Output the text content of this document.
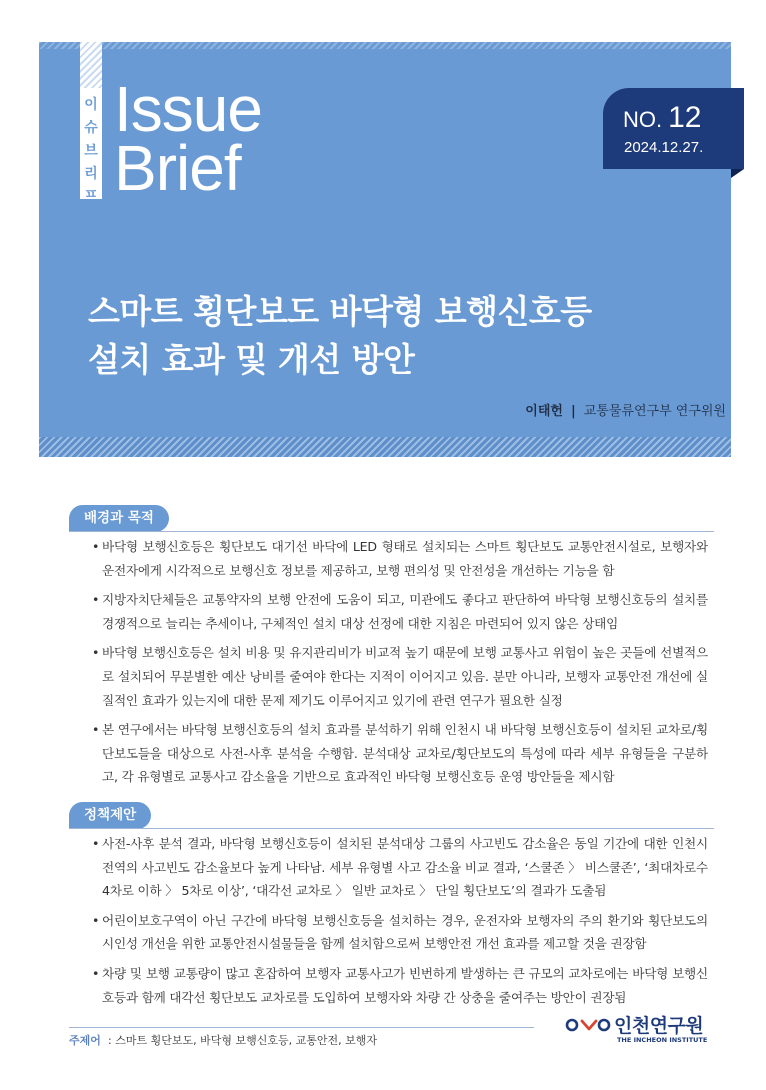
이
슈
브
리
프
Issue
Brief
NO. 12
2024.12.27.
스마트 횡단보도 바닥형 보행신호등
설치 효과 및 개선 방안
이태헌 | 교통물류연구부 연구위원
배경과 목적
• 바닥형 보행신호등은 횡단보도 대기선 바닥에 LED 형태로 설치되는 스마트 횡단보도 교통안전시설로, 보행자와 운전자에게 시각적으로 보행신호 정보를 제공하고, 보행 편의성 및 안전성을 개선하는 기능을 함
• 지방자치단체들은 교통약자의 보행 안전에 도움이 되고, 미관에도 좋다고 판단하여 바닥형 보행신호등의 설치를 경쟁적으로 늘리는 추세이나, 구체적인 설치 대상 선정에 대한 지침은 마련되어 있지 않은 상태임
• 바닥형 보행신호등은 설치 비용 및 유지관리비가 비교적 높기 때문에 보행 교통사고 위험이 높은 곳들에 선별적으로 설치되어 무분별한 예산 낭비를 줄여야 한다는 지적이 이어지고 있음. 분만 아니라, 보행자 교통안전 개선에 실질적인 효과가 있는지에 대한 문제 제기도 이루어지고 있기에 관련 연구가 필요한 실정
• 본 연구에서는 바닥형 보행신호등의 설치 효과를 분석하기 위해 인천시 내 바닥형 보행신호등이 설치된 교차로/횡단보도들을 대상으로 사전-사후 분석을 수행함. 분석대상 교차로/횡단보도의 특성에 따라 세부 유형들을 구분하고, 각 유형별로 교통사고 감소율을 기반으로 효과적인 바닥형 보행신호등 운영 방안들을 제시함
정책제안
• 사전-사후 분석 결과, 바닥형 보행신호등이 설치된 분석대상 그룹의 사고빈도 감소율은 동일 기간에 대한 인천시 전역의 사고빈도 감소율보다 높게 나타남. 세부 유형별 사고 감소율 비교 결과, ‘스쿨존 〉 비스쿨존’, ‘최대차로수 4차로 이하 〉 5차로 이상’, ‘대각선 교차로 〉 일반 교차로 〉 단일 횡단보도’의 결과가 도출됨
• 어린이보호구역이 아닌 구간에 바닥형 보행신호등을 설치하는 경우, 운전자와 보행자의 주의 환기와 횡단보도의 시인성 개선을 위한 교통안전시설물들을 함께 설치함으로써 보행안전 개선 효과를 제고할 것을 권장함
• 차량 및 보행 교통량이 많고 혼잡하여 보행자 교통사고가 빈번하게 발생하는 큰 규모의 교차로에는 바닥형 보행신호등과 함께 대각선 횡단보도 교차로를 도입하여 보행자와 차량 간 상충을 줄여주는 방안이 권장됨
주제어 : 스마트 횡단보도, 바닥형 보행신호등, 교통안전, 보행자
인천연구원
THE INCHEON INSTITUTE
